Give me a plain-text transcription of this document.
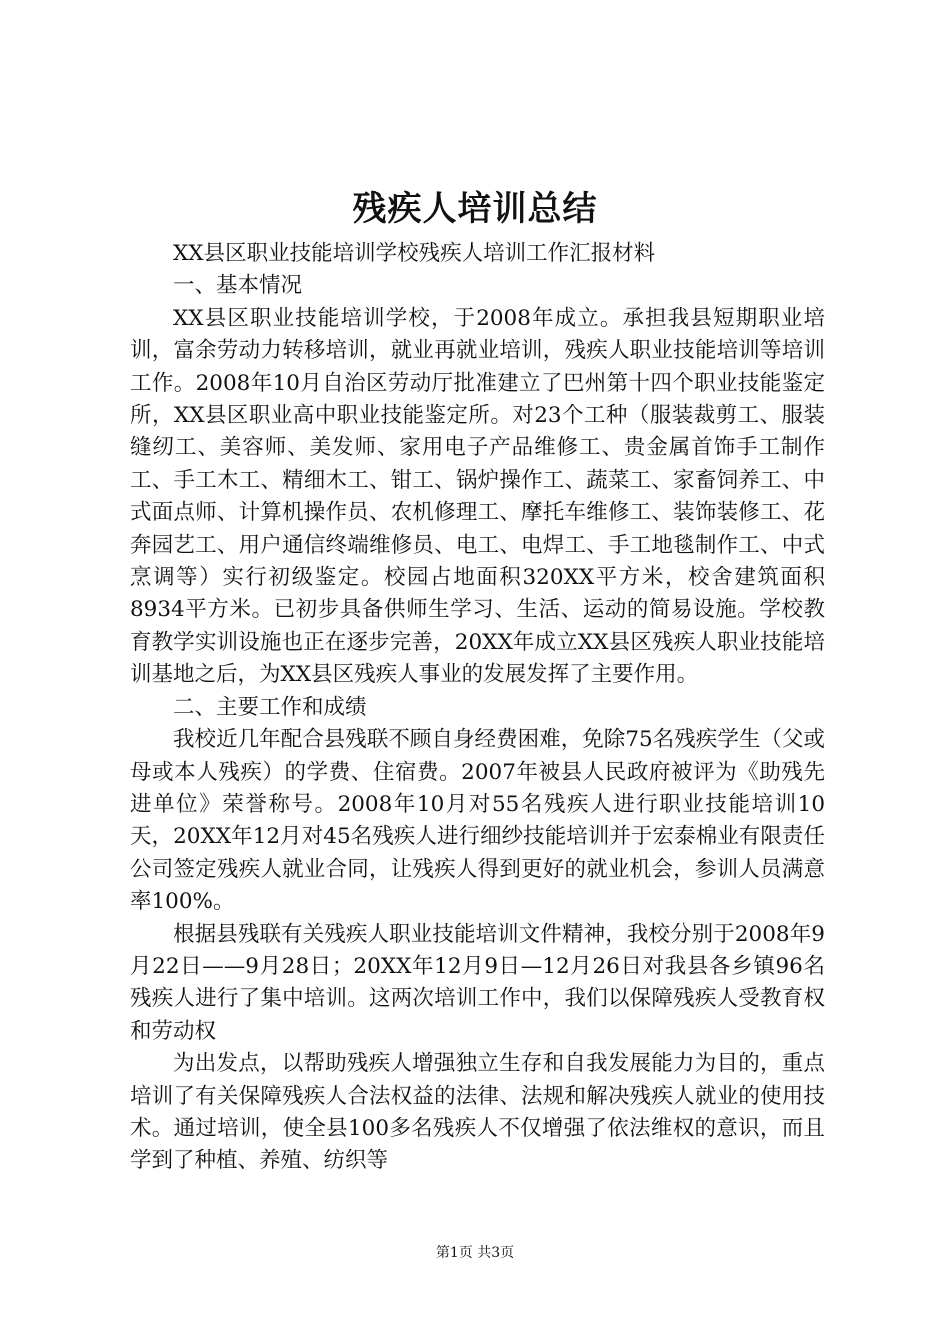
残疾人培训总结

XX县区职业技能培训学校残疾人培训工作汇报材料

一、基本情况

XX县区职业技能培训学校，于2008年成立。承担我县短期职业培训，富余劳动力转移培训，就业再就业培训，残疾人职业技能培训等培训工作。2008年10月自治区劳动厅批准建立了巴州第十四个职业技能鉴定所，XX县区职业高中职业技能鉴定所。对23个工种（服装裁剪工、服装缝纫工、美容师、美发师、家用电子产品维修工、贵金属首饰手工制作工、手工木工、精细木工、钳工、锅炉操作工、蔬菜工、家畜饲养工、中式面点师、计算机操作员、农机修理工、摩托车维修工、装饰装修工、花奔园艺工、用户通信终端维修员、电工、电焊工、手工地毯制作工、中式烹调等）实行初级鉴定。校园占地面积320XX平方米，校舍建筑面积8934平方米。已初步具备供师生学习、生活、运动的简易设施。学校教育教学实训设施也正在逐步完善，20XX年成立XX县区残疾人职业技能培训基地之后，为XX县区残疾人事业的发展发挥了主要作用。

二、主要工作和成绩

我校近几年配合县残联不顾自身经费困难，免除75名残疾学生（父或母或本人残疾）的学费、住宿费。2007年被县人民政府被评为《助残先进单位》荣誉称号。2008年10月对55名残疾人进行职业技能培训10天，20XX年12月对45名残疾人进行细纱技能培训并于宏泰棉业有限责任公司签定残疾人就业合同，让残疾人得到更好的就业机会，参训人员满意率100%。

根据县残联有关残疾人职业技能培训文件精神，我校分别于2008年9月22日——9月28日；20XX年12月9日—12月26日对我县各乡镇96名残疾人进行了集中培训。这两次培训工作中，我们以保障残疾人受教育权和劳动权

为出发点，以帮助残疾人增强独立生存和自我发展能力为目的，重点培训了有关保障残疾人合法权益的法律、法规和解决残疾人就业的使用技术。通过培训，使全县100多名残疾人不仅增强了依法维权的意识，而且学到了种植、养殖、纺织等

第1页 共3页
